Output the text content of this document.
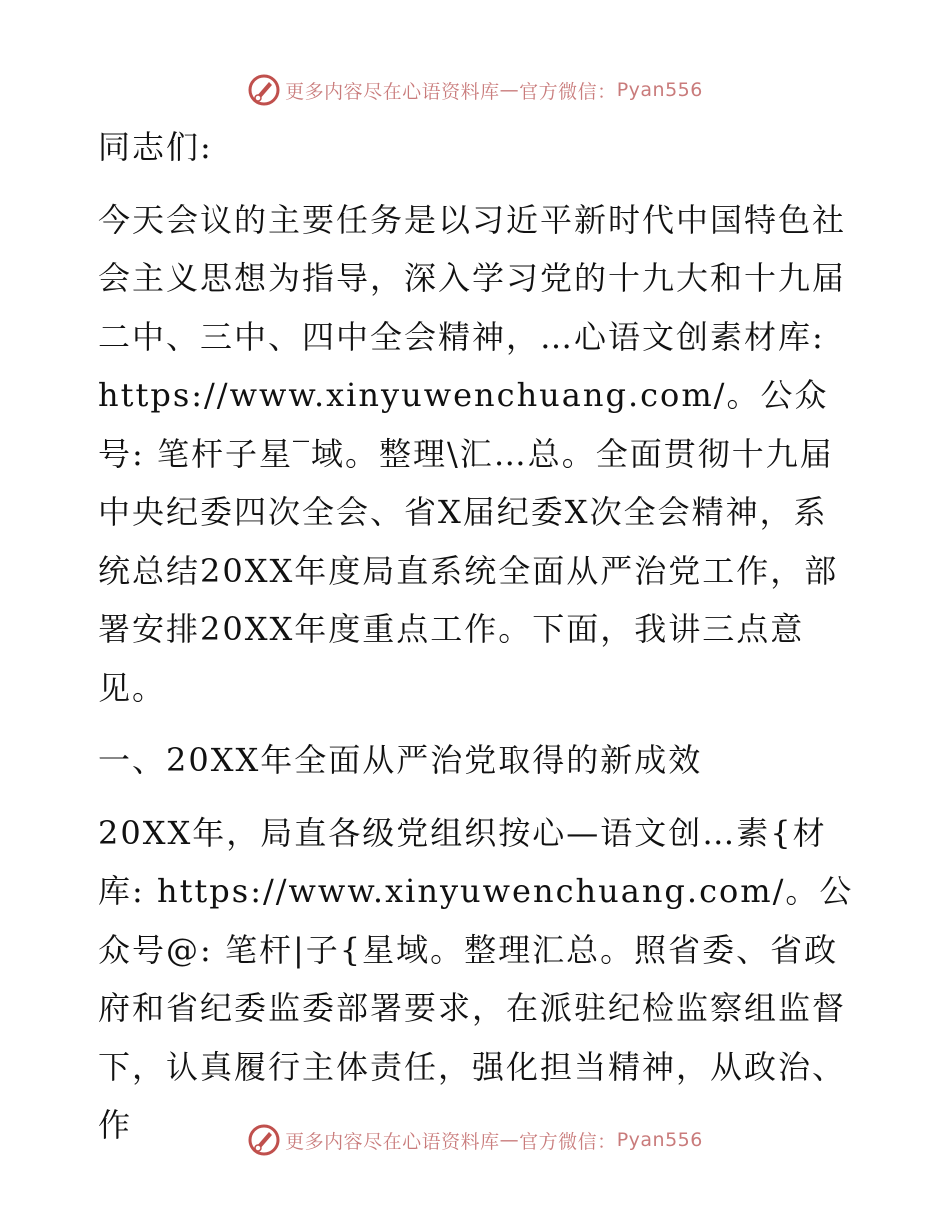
更多内容尽在心语资料库 — 官方微信： Pyan556

同志们:

今天会议的主要任务是以习近平新时代中国特色社会主义思想为指导，深入学习党的十九大和十九届二中、三中、四中全会精神，…心语文创素材库: https://www.xinyuwenchuang.com/。公众号: 笔杆子星‾域。整理\汇…总。全面贯彻十九届中央纪委四次全会、省X届纪委X次全会精神，系统总结20XX年度局直系统全面从严治党工作，部署安排20XX年度重点工作。下面，我讲三点意见。

一、20XX年全面从严治党取得的新成效

20XX年，局直各级党组织按心—语文创…素{材库: https://www.xinyuwenchuang.com/。公众号@: 笔杆|子{星域。整理汇总。照省委、省政府和省纪委监委部署要求，在派驻纪检监察组监督下，认真履行主体责任，强化担当精神，从政治、作	更多内容尽在心语资料库 — 官方微信： Pyan556
